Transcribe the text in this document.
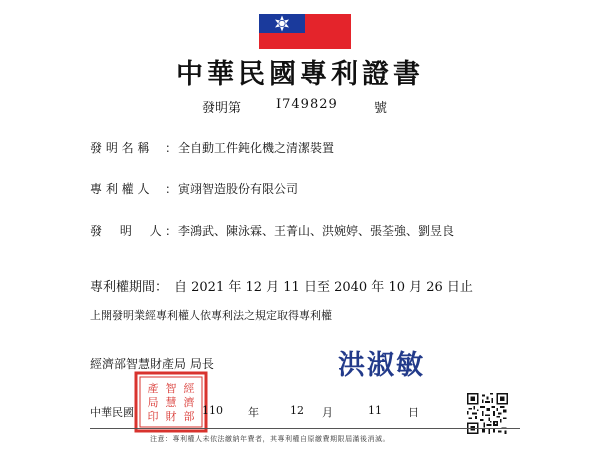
中華民國專利證書
發明第	I749829	號
發 明 名 稱 ： 全自動工件鈍化機之清潔裝置
專 利 權 人 ： 寅翊智造股份有限公司
發 明 人 ： 李鴻武、陳泳霖、王菁山、洪婉婷、張荃強、劉昱良
專利權期間： 自 2021 年 12 月 11 日至 2040 年 10 月 26 日止
上開發明業經專利權人依專利法之規定取得專利權
經濟部智慧財產局 局長	洪淑敏
經
濟
部
智
慧
財
產
局
印
中華民國	110 年	12 月	11 日
注意：專利權人未依法繳納年費者，其專利權自原繳費期限屆滿後消滅。
